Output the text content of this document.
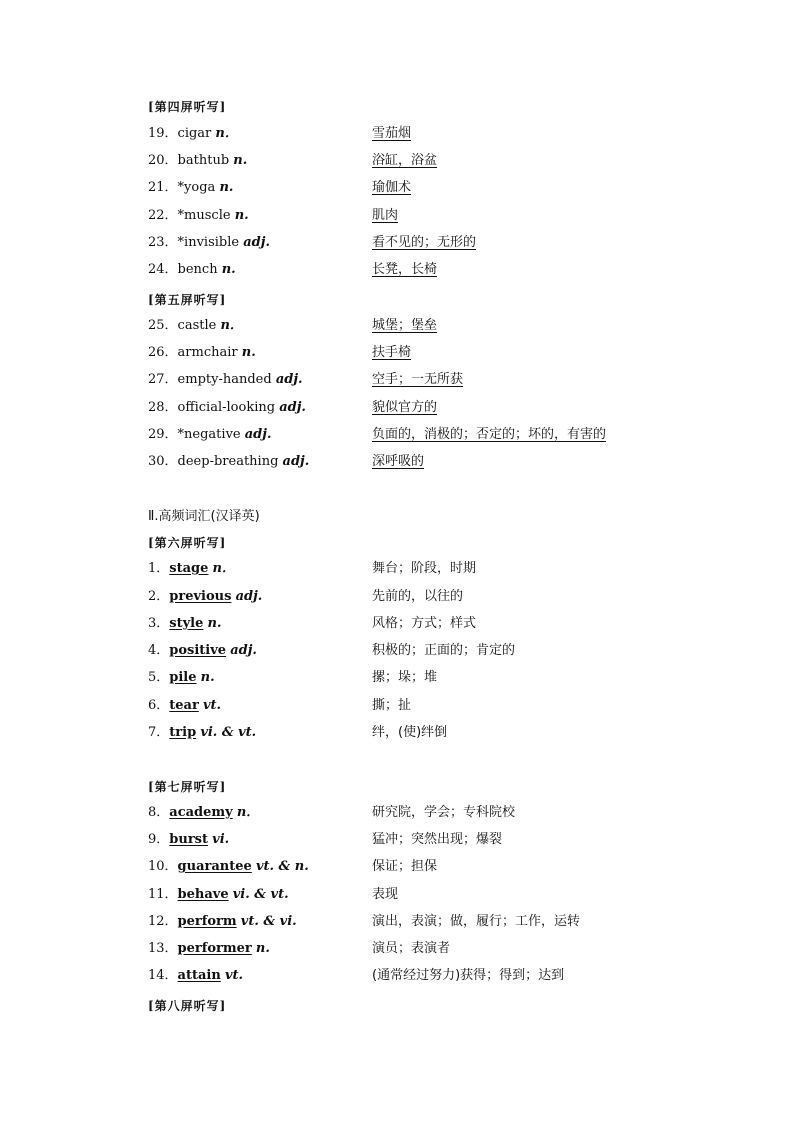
[第四屏听写]
19．cigar n．	雪茄烟
20．bathtub n.	浴缸，浴盆
21．*yoga n.	瑜伽术
22．*muscle n.	肌肉
23．*invisible adj.	看不见的；无形的
24．bench n.	长凳，长椅
[第五屏听写]
25．castle n．	城堡；堡垒
26．armchair n.	扶手椅
27．empty-handed adj.	空手；一无所获
28．official-looking adj.	貌似官方的
29．*negative adj.	负面的，消极的；否定的；坏的，有害的
30．deep-breathing adj.	深呼吸的
Ⅱ.高频词汇(汉译英)
[第六屏听写]
1．stage n．	舞台；阶段，时期
2．previous adj.	先前的，以往的
3．style n.	风格；方式；样式
4．positive adj.	积极的；正面的；肯定的
5．pile n.	摞；垛；堆
6．tear vt.	撕；扯
7．trip vi. & vt.	绊，(使)绊倒
[第七屏听写]
8．academy n．	研究院，学会；专科院校
9．burst vi.	猛冲；突然出现；爆裂
10．guarantee vt. & n.	保证；担保
11．behave vi. & vt.	表现
12．perform vt. & vi.	演出，表演；做，履行；工作，运转
13．performer n.	演员；表演者
14．attain vt.	(通常经过努力)获得；得到；达到
[第八屏听写]
